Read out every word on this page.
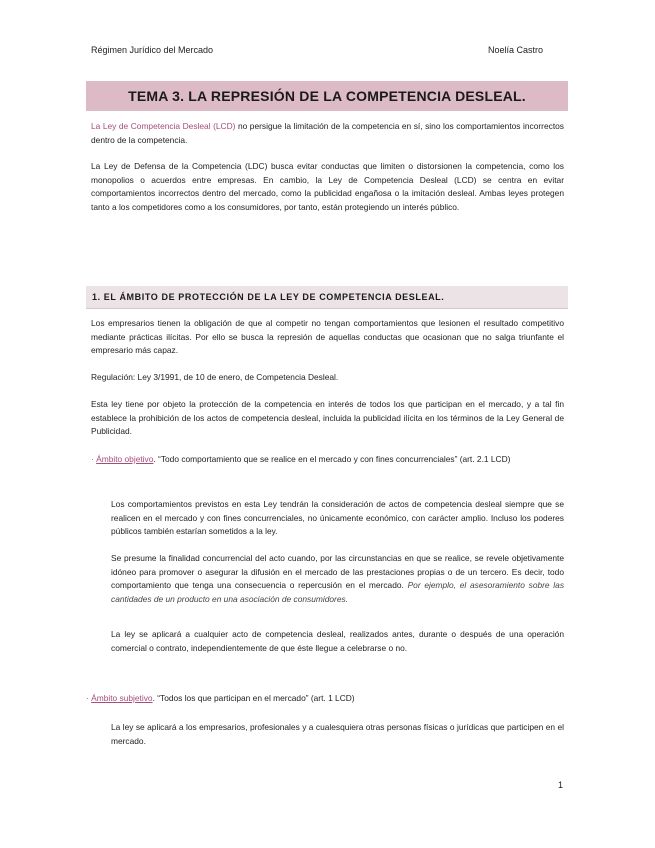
Régimen Jurídico del Mercado	Noelía Castro
TEMA 3. LA REPRESIÓN DE LA COMPETENCIA DESLEAL.
La Ley de Competencia Desleal (LCD) no persigue la limitación de la competencia en sí, sino los comportamientos incorrectos dentro de la competencia.
La Ley de Defensa de la Competencia (LDC) busca evitar conductas que limiten o distorsionen la competencia, como los monopolios o acuerdos entre empresas. En cambio, la Ley de Competencia Desleal (LCD) se centra en evitar comportamientos incorrectos dentro del mercado, como la publicidad engañosa o la imitación desleal. Ambas leyes protegen tanto a los competidores como a los consumidores, por tanto, están protegiendo un interés público.
1. EL ÁMBITO DE PROTECCIÓN DE LA LEY DE COMPETENCIA DESLEAL.
Los empresarios tienen la obligación de que al competir no tengan comportamientos que lesionen el resultado competitivo mediante prácticas ilícitas. Por ello se busca la represión de aquellas conductas que ocasionan que no salga triunfante el empresario más capaz.
Regulación: Ley 3/1991, de 10 de enero, de Competencia Desleal.
Esta ley tiene por objeto la protección de la competencia en interés de todos los que participan en el mercado, y a tal fin establece la prohibición de los actos de competencia desleal, incluida la publicidad ilícita en los términos de la Ley General de Publicidad.
· Ámbito objetivo. “Todo comportamiento que se realice en el mercado y con fines concurrenciales” (art. 2.1 LCD)
Los comportamientos previstos en esta Ley tendrán la consideración de actos de competencia desleal siempre que se realicen en el mercado y con fines concurrenciales, no únicamente económico, con carácter amplio. Incluso los poderes públicos también estarían sometidos a la ley.
Se presume la finalidad concurrencial del acto cuando, por las circunstancias en que se realice, se revele objetivamente idóneo para promover o asegurar la difusión en el mercado de las prestaciones propias o de un tercero. Es decir, todo comportamiento que tenga una consecuencia o repercusión en el mercado. Por ejemplo, el asesoramiento sobre las cantidades de un producto en una asociación de consumidores.
La ley se aplicará a cualquier acto de competencia desleal, realizados antes, durante o después de una operación comercial o contrato, independientemente de que éste llegue a celebrarse o no.
· Ámbito subjetivo. “Todos los que participan en el mercado” (art. 1 LCD)
La ley se aplicará a los empresarios, profesionales y a cualesquiera otras personas físicas o jurídicas que participen en el mercado.
1
